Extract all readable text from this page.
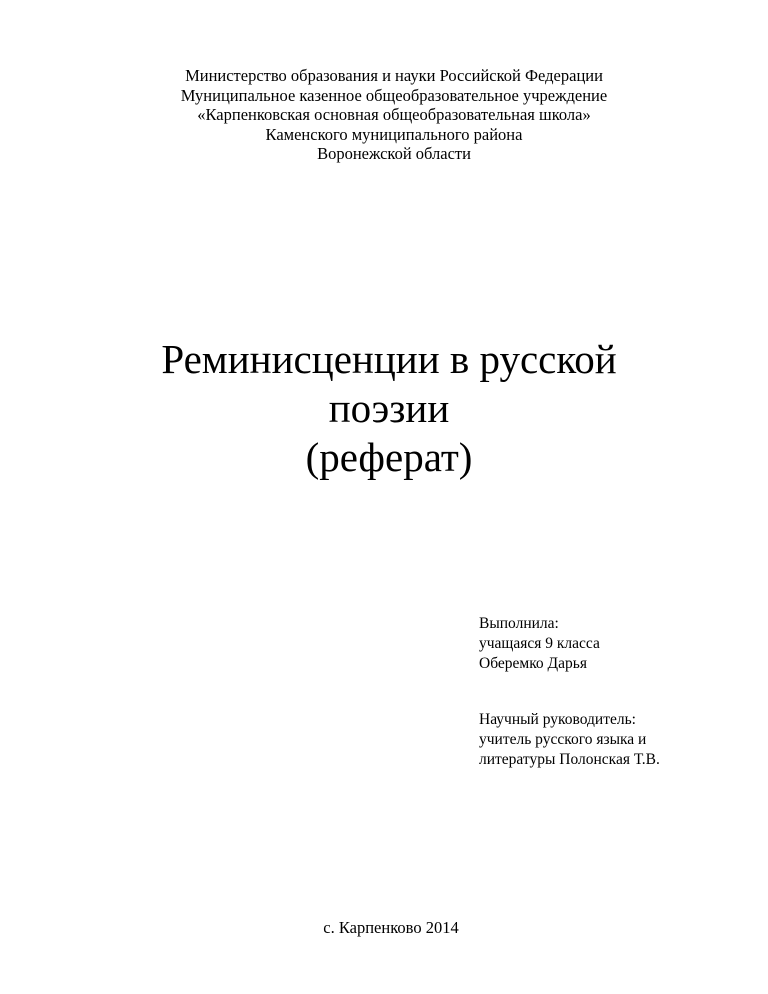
Министерство образования и науки Российской Федерации
Муниципальное казенное общеобразовательное учреждение
«Карпенковская основная общеобразовательная школа»
Каменского муниципального района
Воронежской области
Реминисценции в русской
поэзии
(реферат)
Выполнила:
учащаяся 9 класса
Оберемко Дарья
Научный руководитель:
учитель русского языка и
литературы Полонская Т.В.
с. Карпенково 2014
